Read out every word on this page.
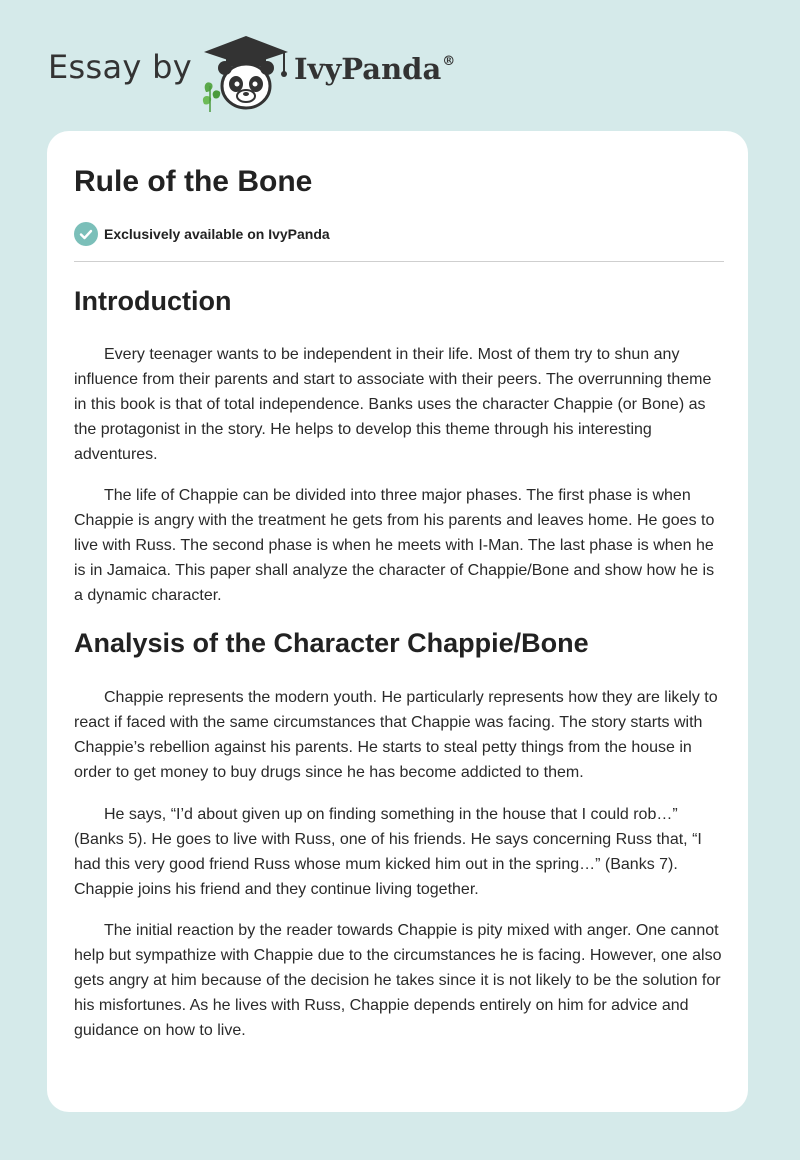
Essay by	IvyPanda®
Rule of the Bone
Exclusively available on IvyPanda
Introduction

Every teenager wants to be independent in their life. Most of them try to shun any influence from their parents and start to associate with their peers. The overrunning theme in this book is that of total independence. Banks uses the character Chappie (or Bone) as the protagonist in the story. He helps to develop this theme through his interesting adventures.

The life of Chappie can be divided into three major phases. The first phase is when Chappie is angry with the treatment he gets from his parents and leaves home. He goes to live with Russ. The second phase is when he meets with I-Man. The last phase is when he is in Jamaica. This paper shall analyze the character of Chappie/Bone and show how he is a dynamic character.

Analysis of the Character Chappie/Bone

Chappie represents the modern youth. He particularly represents how they are likely to react if faced with the same circumstances that Chappie was facing. The story starts with Chappie’s rebellion against his parents. He starts to steal petty things from the house in order to get money to buy drugs since he has become addicted to them.

He says, “I’d about given up on finding something in the house that I could rob…” (Banks 5). He goes to live with Russ, one of his friends. He says concerning Russ that, “I had this very good friend Russ whose mum kicked him out in the spring…” (Banks 7). Chappie joins his friend and they continue living together.

The initial reaction by the reader towards Chappie is pity mixed with anger. One cannot help but sympathize with Chappie due to the circumstances he is facing. However, one also gets angry at him because of the decision he takes since it is not likely to be the solution for his misfortunes. As he lives with Russ, Chappie depends entirely on him for advice and guidance on how to live.
